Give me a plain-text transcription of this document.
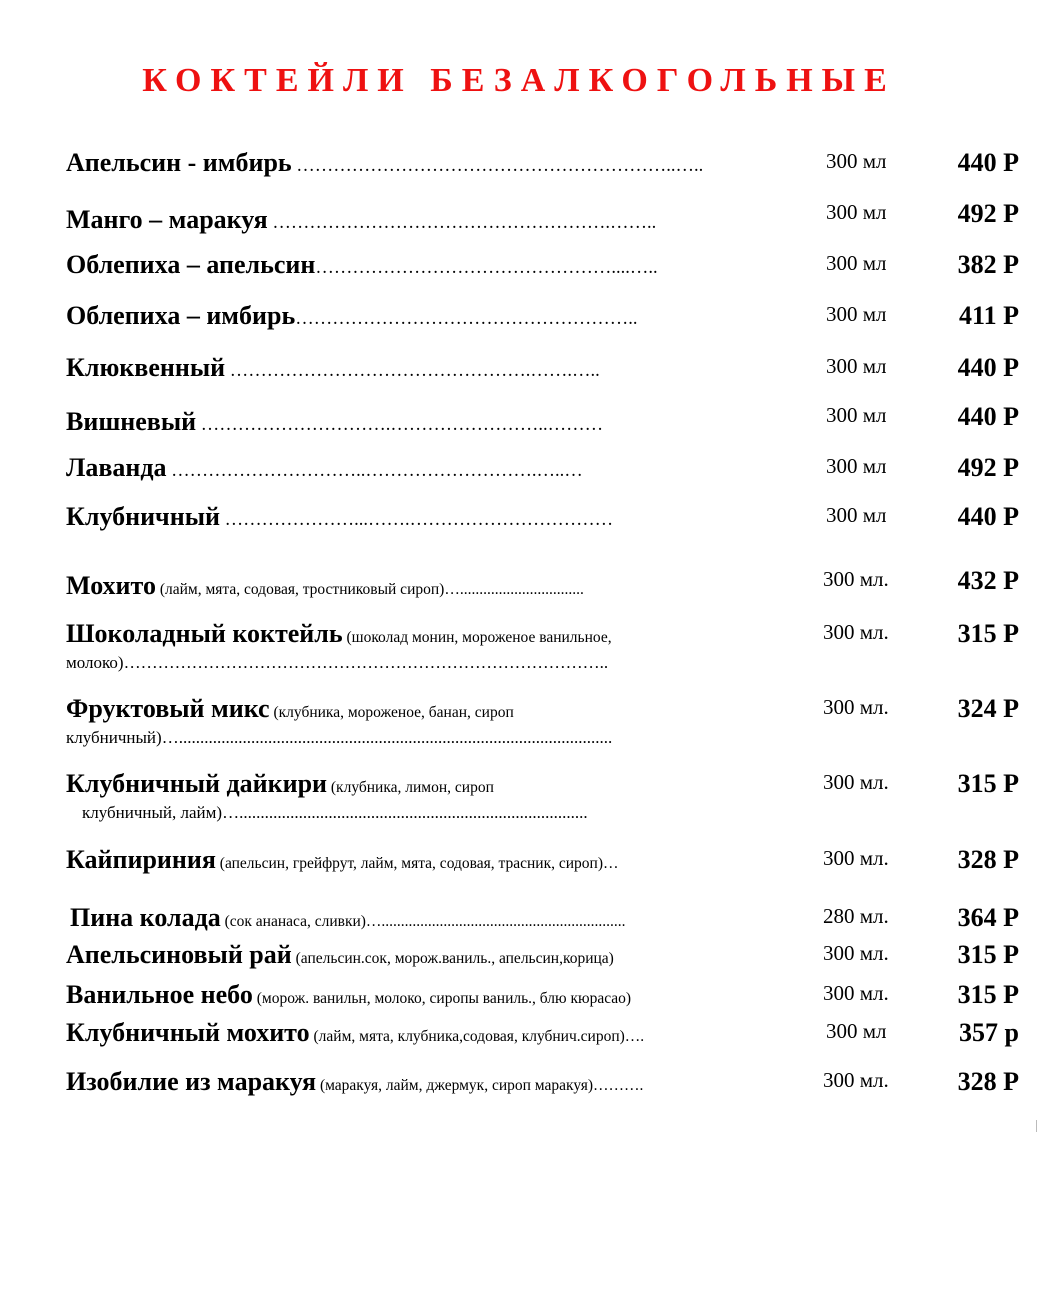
КОКТЕЙЛИ БЕЗАЛКОГОЛЬНЫЕ
Апельсин - имбирь ……………………………………………………..…..	300 мл	440 Р
Манго – маракуя ……………………………………………….……..	300 мл	492 Р
Облепиха – апельсин…………………………………………....…..	300 мл	382 Р
Облепиха – имбирь………………………………………………..	300 мл	411 Р
Клюквенный ………………………………………….…….…..	300 мл	440 Р
Вишневый ………………………….……………………..………	300 мл	440 Р
Лаванда …………………………..……………………….…..…	300 мл	492 Р
Клубничный …………………...…….……………………………	300 мл	440 Р
Мохито (лайм, мята, содовая, тростниковый сироп)…................................	300 мл.	432 Р
Шоколадный коктейль (шоколад монин, мороженое ванильное,
молоко)…………………………………………………………………………..
300 мл.	315 Р
Фруктовый микс (клубника, мороженое, банан, сироп
клубничный)…......................................................................................................
300 мл.	324 Р
Клубничный дайкири (клубника, лимон, сироп
клубничный, лайм)…..................................................................................
300 мл.	315 Р
Кайпириния (апельсин, грейфрут, лайм, мята, содовая, трасник, сироп)…	300 мл.	328 Р
Пина колада (сок ананаса, сливки)…...............................................................	280 мл.	364 Р
Апельсиновый рай (апельсин.сок, морож.ваниль., апельсин,корица)	300 мл.	315 Р
Ванильное небо (морож. ванильн, молоко, сиропы ваниль., блю кюрасао)	300 мл.	315 Р
Клубничный мохито (лайм, мята, клубника,содовая, клубнич.сироп)….	300 мл	357 р
Изобилие из маракуя (маракуя, лайм, джермук, сироп маракуя)……….	300 мл.	328 Р
